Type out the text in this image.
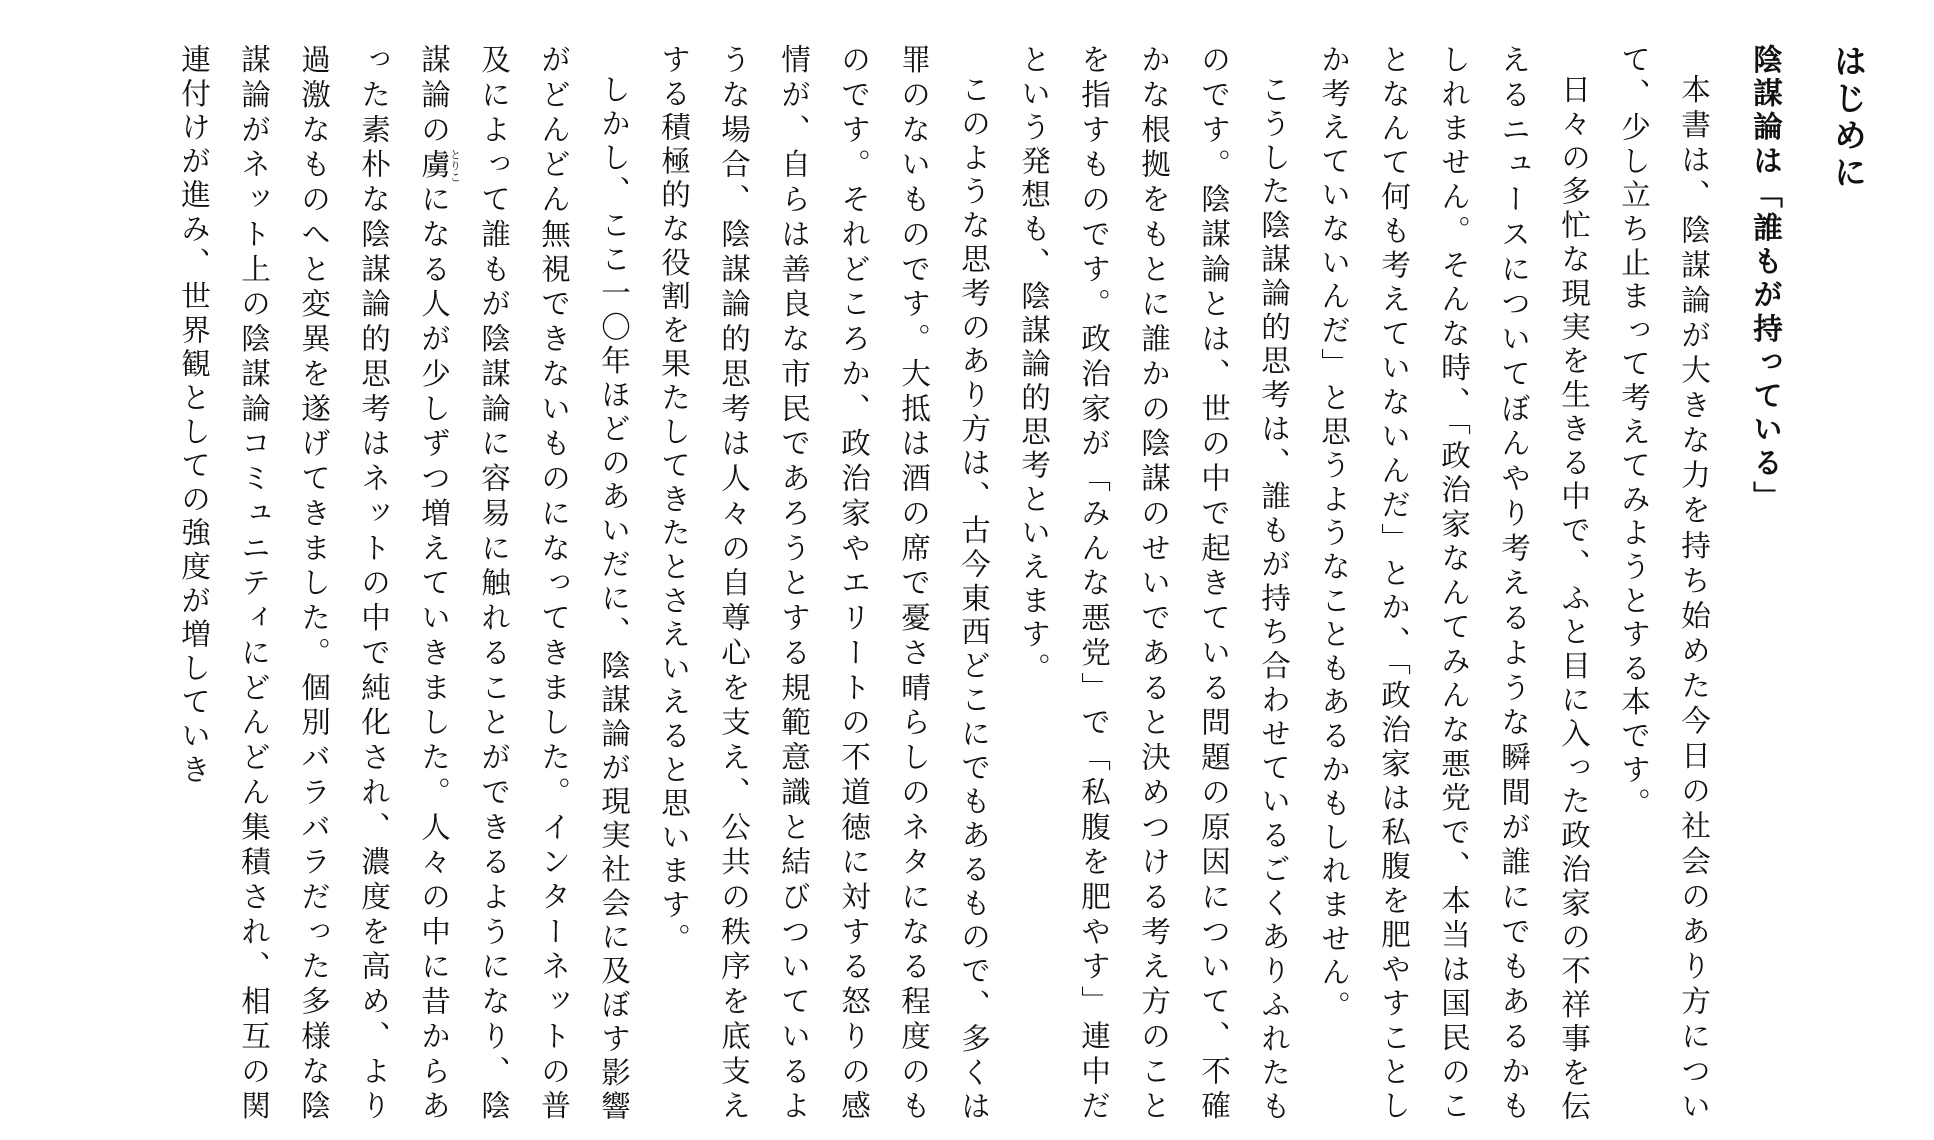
はじめに
陰謀論は「誰もが持っている」

本書は、陰謀論が大きな力を持ち始めた今日の社会のあり方について、少し立ち止まって考えてみようとする本です。

日々の多忙な現実を生きる中で、ふと目に入った政治家の不祥事を伝えるニュースについてぼんやり考えるような瞬間が誰にでもあるかもしれません。そんな時、「政治家なんてみんな悪党で、本当は国民のことなんて何も考えていないんだ」とか、「政治家は私腹を肥やすことしか考えていないんだ」と思うようなこともあるかもしれません。

こうした陰謀論的思考は、誰もが持ち合わせているごくありふれたものです。陰謀論とは、世の中で起きている問題の原因について、不確かな根拠をもとに誰かの陰謀のせいであると決めつける考え方のことを指すものです。政治家が「みんな悪党」で「私腹を肥やす」連中だという発想も、陰謀論的思考といえます。

このような思考のあり方は、古今東西どこにでもあるもので、多くは罪のないものです。大抵は酒の席で憂さ晴らしのネタになる程度のものです。それどころか、政治家やエリートの不道徳に対する怒りの感情が、自らは善良な市民であろうとする規範意識と結びついているような場合、陰謀論的思考は人々の自尊心を支え、公共の秩序を底支えする積極的な役割を果たしてきたとさえいえると思います。

しかし、ここ一〇年ほどのあいだに、陰謀論が現実社会に及ぼす影響がどんどん無視できないものになってきました。インターネットの普及によって誰もが陰謀論に容易に触れることができるようになり、陰謀論の虜とりこになる人が少しずつ増えていきました。人々の中に昔からあった素朴な陰謀論的思考はネットの中で純化され、濃度を高め、より過激なものへと変異を遂げてきました。個別バラバラだった多様な陰謀論がネット上の陰謀論コミュニティにどんどん集積され、相互の関連付けが進み、世界観としての強度が増していき
